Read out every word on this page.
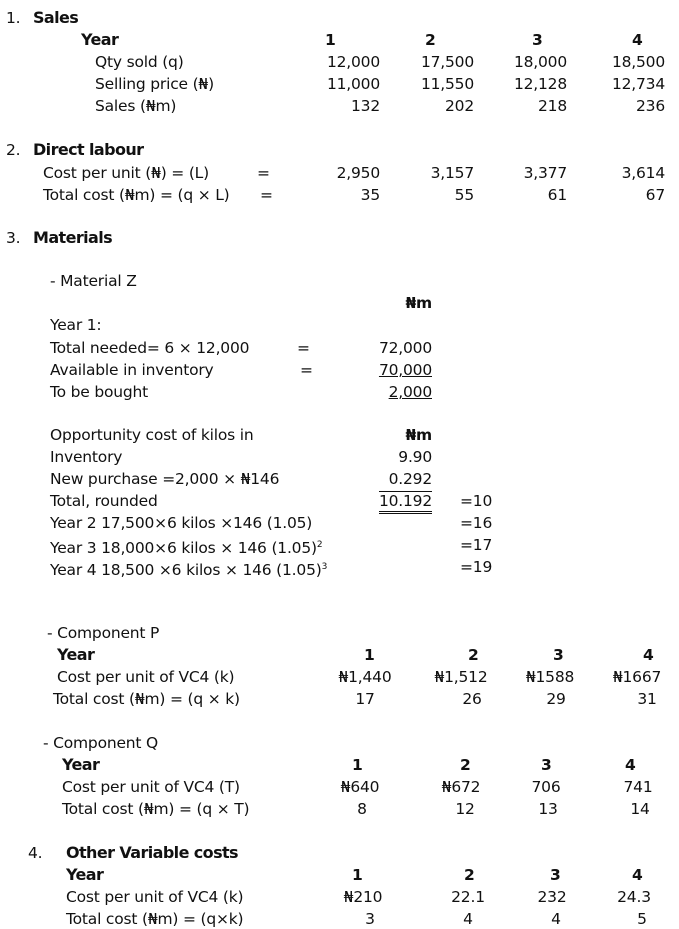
1. Sales
Year	1	2	3	4
Qty sold (q)	12,000	17,500	18,000	18,500
Selling price (₦)	11,000	11,550	12,128	12,734
Sales (₦m)	132	202	218	236
2. Direct labour
Cost per unit (₦) = (L)	=	2,950	3,157	3,377	3,614
Total cost (₦m) = (q × L) =	35	55	61	67
3. Materials
- Material Z
₦m
Year 1:
Total needed= 6 × 12,000	=	72,000
Available in inventory	=	70,000
To be bought	2,000
Opportunity cost of kilos in	₦m
Inventory	9.90
New purchase =2,000 × ₦146	0.292
Total, rounded	10.192 =10
Year 2 17,500×6 kilos ×146 (1.05)	=16
Year 3 18,000×6 kilos × 146 $(1.05)^2$	=17
Year 4 18,500 ×6 kilos × 146 $(1.05)^3$	=19
- Component P
Year	1	2	3	4
Cost per unit of VC4 (k)	₦1,440	₦1,512	₦1588	₦1667
Total cost (₦m) = (q × k)	17	26	29	31
- Component Q
Year	1	2	3	4
Cost per unit of VC4 (T)	₦640	₦672	706	741
Total cost (₦m) = (q × T)	8	12	13	14
4. Other Variable costs
Year	1	2	3	4
Cost per unit of VC4 (k)	₦210	22.1	232	24.3
Total cost (₦m) = (q×k)	3	4	4	5
